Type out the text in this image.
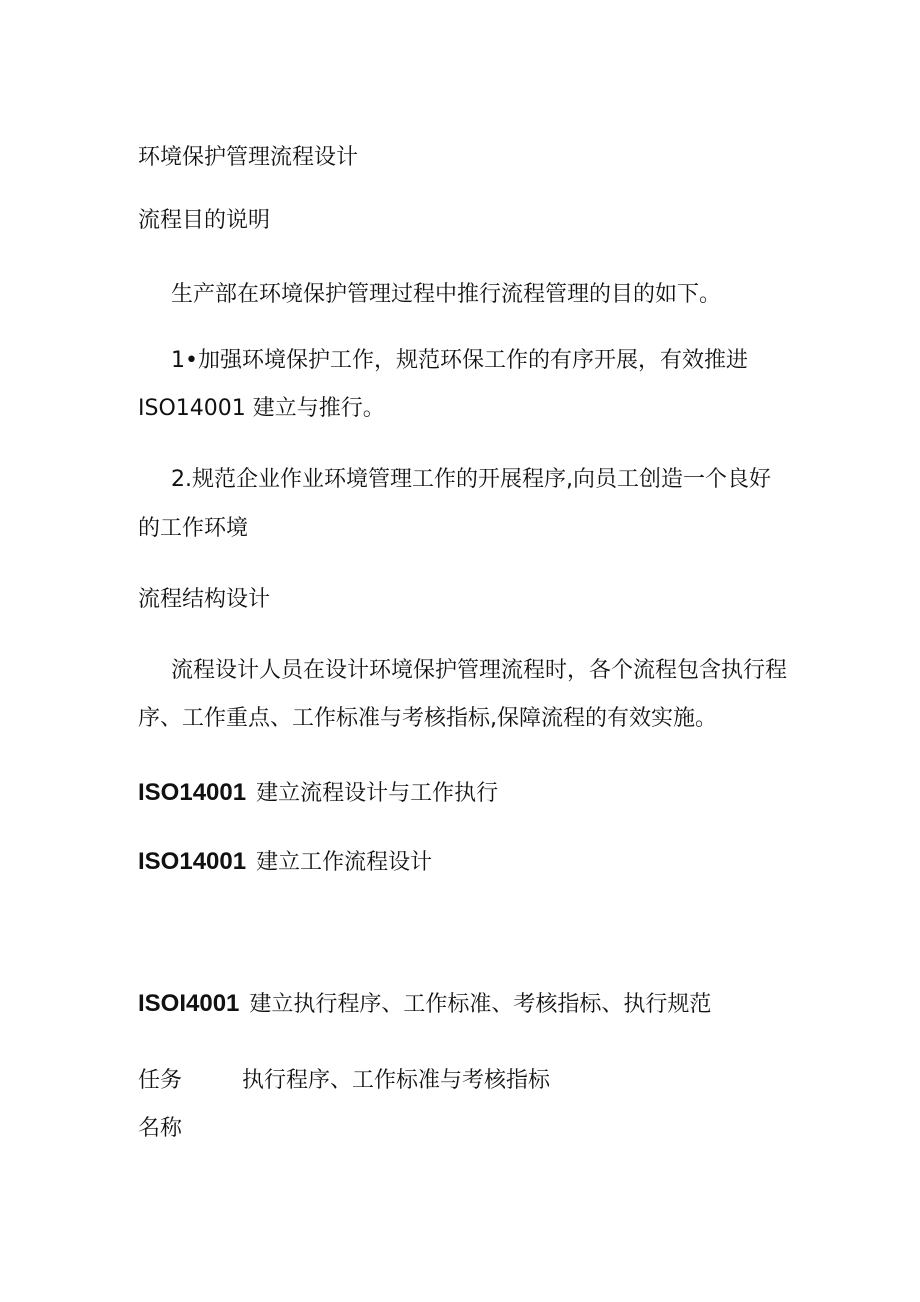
环境保护管理流程设计
流程目的说明
生产部在环境保护管理过程中推行流程管理的目的如下。
1•加强环境保护工作，规范环保工作的有序开展，有效推进
ISO14001 建立与推行。
2.规范企业作业环境管理工作的开展程序,向员工创造一个良好
的工作环境
流程结构设计
流程设计人员在设计环境保护管理流程时，各个流程包含执行程
序、工作重点、工作标准与考核指标,保障流程的有效实施。
ISO14001 建立流程设计与工作执行
ISO14001 建立工作流程设计
ISOI4001 建立执行程序、工作标准、考核指标、执行规范
任务
名称
执行程序、工作标准与考核指标
